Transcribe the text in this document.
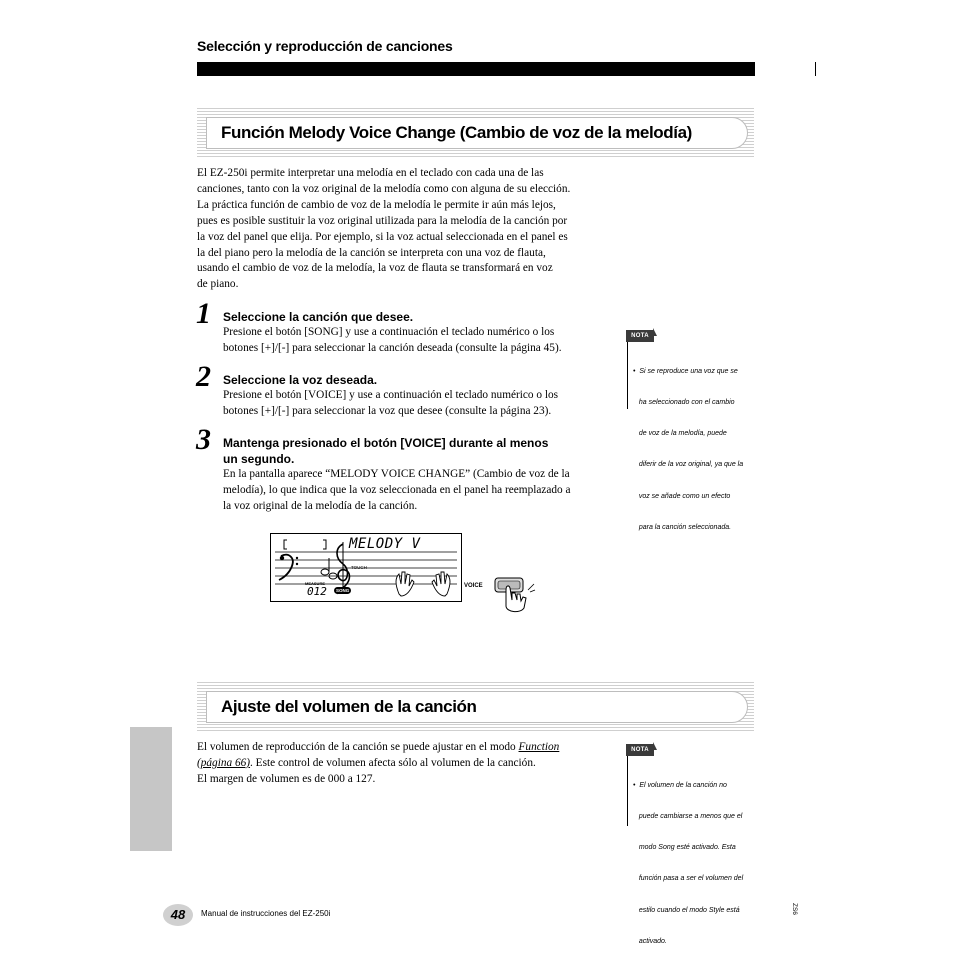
Selección y reproducción de canciones
Función Melody Voice Change (Cambio de voz de la melodía)
El EZ-250i permite interpretar una melodía en el teclado con cada una de las
canciones, tanto con la voz original de la melodía como con alguna de su elección.
La práctica función de cambio de voz de la melodía le permite ir aún más lejos,
pues es posible sustituir la voz original utilizada para la melodía de la canción por
la voz del panel que elija. Por ejemplo, si la voz actual seleccionada en el panel es
la del piano pero la melodía de la canción se interpreta con una voz de flauta,
usando el cambio de voz de la melodía, la voz de flauta se transformará en voz
de piano.
1 Seleccione la canción que desee.
Presione el botón [SONG] y use a continuación el teclado numérico o los
botones [+]/[-] para seleccionar la canción deseada (consulte la página 45).
2 Seleccione la voz deseada.
Presione el botón [VOICE] y use a continuación el teclado numérico o los
botones [+]/[-] para seleccionar la voz que desee (consulte la página 23).
3 Mantenga presionado el botón [VOICE] durante al menos
un segundo.
En la pantalla aparece “MELODY VOICE CHANGE” (Cambio de voz de la
melodía), lo que indica que la voz seleccionada en el panel ha reemplazado a
la voz original de la melodía de la canción.
NOTA

•  Si se reproduce una voz que se

ha seleccionado con el cambio

de voz de la melodía, puede

diferir de la voz original, ya que la

voz se añade como un efecto

para la canción seleccionada.

MELODY V
TOUCH
MEASURE
012	SONG
VOICE
Ajuste del volumen de la canción
El volumen de reproducción de la canción se puede ajustar en el modo Function
(página 66). Este control de volumen afecta sólo al volumen de la canción.
El margen de volumen es de 000 a 127.
NOTA

•  El volumen de la canción no

puede cambiarse a menos que el

modo Song esté activado. Esta

función pasa a ser el volumen del

estilo cuando el modo Style está

activado.

48	Manual de instrucciones del EZ-250i	ZS6
